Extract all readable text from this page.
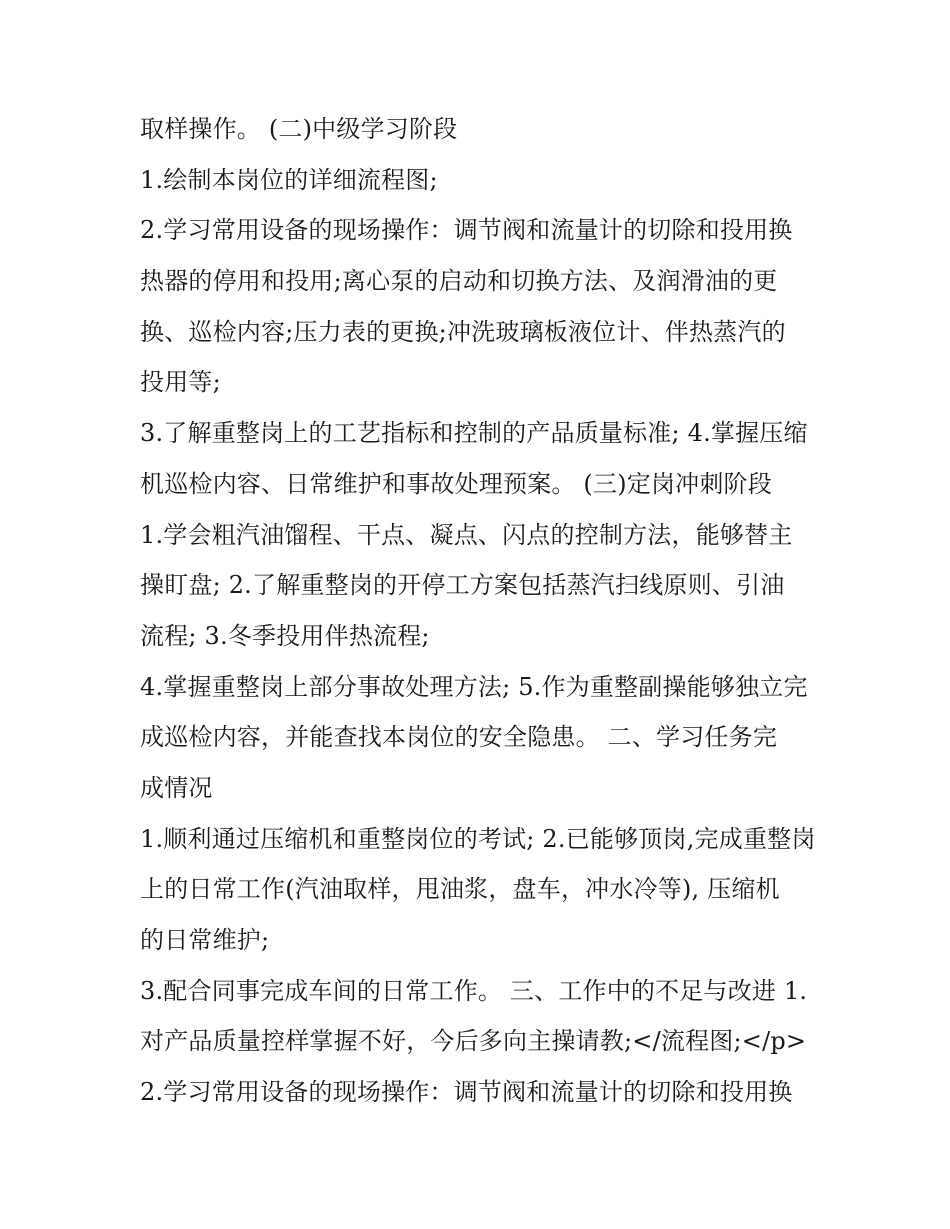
取样操作。 (二)中级学习阶段
1.绘制本岗位的详细流程图;
2.学习常用设备的现场操作：调节阀和流量计的切除和投用换
热器的停用和投用;离心泵的启动和切换方法、及润滑油的更
换、巡检内容;压力表的更换;冲洗玻璃板液位计、伴热蒸汽的
投用等;
3.了解重整岗上的工艺指标和控制的产品质量标准; 4.掌握压缩
机巡检内容、日常维护和事故处理预案。 (三)定岗冲刺阶段
1.学会粗汽油馏程、干点、凝点、闪点的控制方法，能够替主
操盯盘; 2.了解重整岗的开停工方案包括蒸汽扫线原则、引油
流程; 3.冬季投用伴热流程;
4.掌握重整岗上部分事故处理方法; 5.作为重整副操能够独立完
成巡检内容，并能查找本岗位的安全隐患。 二、学习任务完
成情况
1.顺利通过压缩机和重整岗位的考试; 2.已能够顶岗,完成重整岗
上的日常工作(汽油取样，甩油浆，盘车，冲水冷等), 压缩机
的日常维护;
3.配合同事完成车间的日常工作。 三、工作中的不足与改进 1.
对产品质量控样掌握不好，今后多向主操请教;</流程图;</p>
2.学习常用设备的现场操作：调节阀和流量计的切除和投用换
